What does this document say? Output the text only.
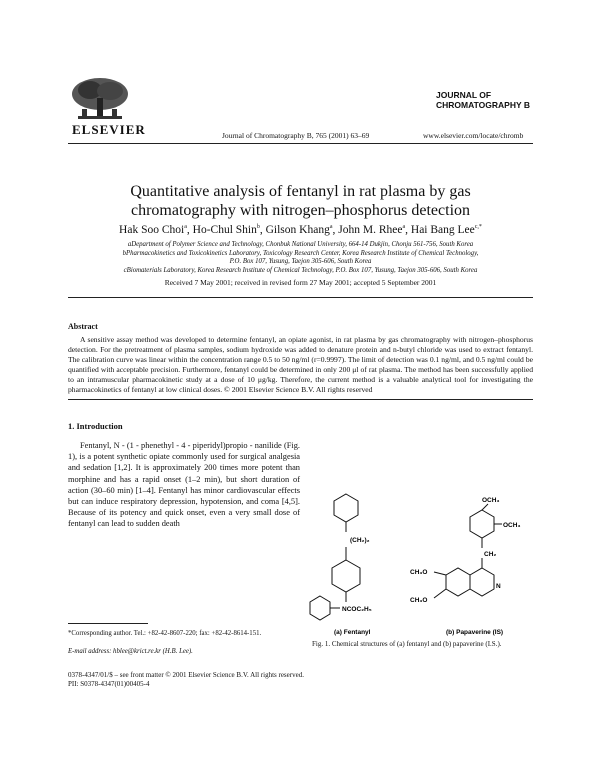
ELSEVIER	Journal of Chromatography B, 765 (2001) 63–69
JOURNAL OF
CHROMATOGRAPHY B
www.elsevier.com/locate/chromb
Quantitative analysis of fentanyl in rat plasma by gas
chromatography with nitrogen–phosphorus detection
Hak Soo Choi$^a$, Ho-Chul Shin$^b$, Gilson Khang$^a$, John M. Rhee$^a$, Hai Bang Lee$^{c,*}$
aDepartment of Polymer Science and Technology, Chonbuk National University, 664-14 Dukjin, Chonju 561-756, South Korea
bPharmacokinetics and Toxicokinetics Laboratory, Toxicology Research Center, Korea Research Institute of Chemical Technology,
P.O. Box 107, Yusung, Taejon 305-606, South Korea
cBiomaterials Laboratory, Korea Research Institute of Chemical Technology, P.O. Box 107, Yusung, Taejon 305-606, South Korea
Received 7 May 2001; received in revised form 27 May 2001; accepted 5 September 2001
Abstract
A sensitive assay method was developed to determine fentanyl, an opiate agonist, in rat plasma by gas chromatography with nitrogen–phosphorus detection. For the pretreatment of plasma samples, sodium hydroxide was added to denature protein and n-butyl chloride was used to extract fentanyl. The calibration curve was linear within the concentration range 0.5 to 50 ng/ml (r=0.9997). The limit of detection was 0.1 ng/ml, and 0.5 ng/ml could be quantified with acceptable precision. Furthermore, fentanyl could be determined in only 200 μl of rat plasma. The method has been successfully applied to an intramuscular pharmacokinetic study at a dose of 10 μg/kg. Therefore, the current method is a valuable analytical tool for investigating the pharmacokinetics of fentanyl at low clinical doses. © 2001 Elsevier Science B.V. All rights reserved
1. Introduction
Fentanyl, N - (1 - phenethyl - 4 - piperidyl)propio - nanilide (Fig. 1), is a potent synthetic opiate commonly used for surgical analgesia and sedation [1,2]. It is approximately 200 times more potent than morphine and has a rapid onset (1–2 min), but short duration of action (30–60 min) [1–4]. Fentanyl has minor cardiovascular effects but can induce respiratory depression, hypotension, and coma [4,5]. Because of its potency and quick onset, even a very small dose of fentanyl can lead to sudden death
(CH₂)₂
NCOC₂H₅
OCH₃
OCH₃
CH₂
CH₃O
CH₃O
N
(a) Fentanyl	(b) Papaverine (IS)
Fig. 1. Chemical structures of (a) fentanyl and (b) papaverine (I.S.).
*Corresponding author. Tel.: +82-42-8607-220; fax: +82-42-8614-151.
E-mail address: hblee@krict.re.kr (H.B. Lee).
0378-4347/01/$ – see front matter © 2001 Elsevier Science B.V. All rights reserved.
PII: S0378-4347(01)00405-4
